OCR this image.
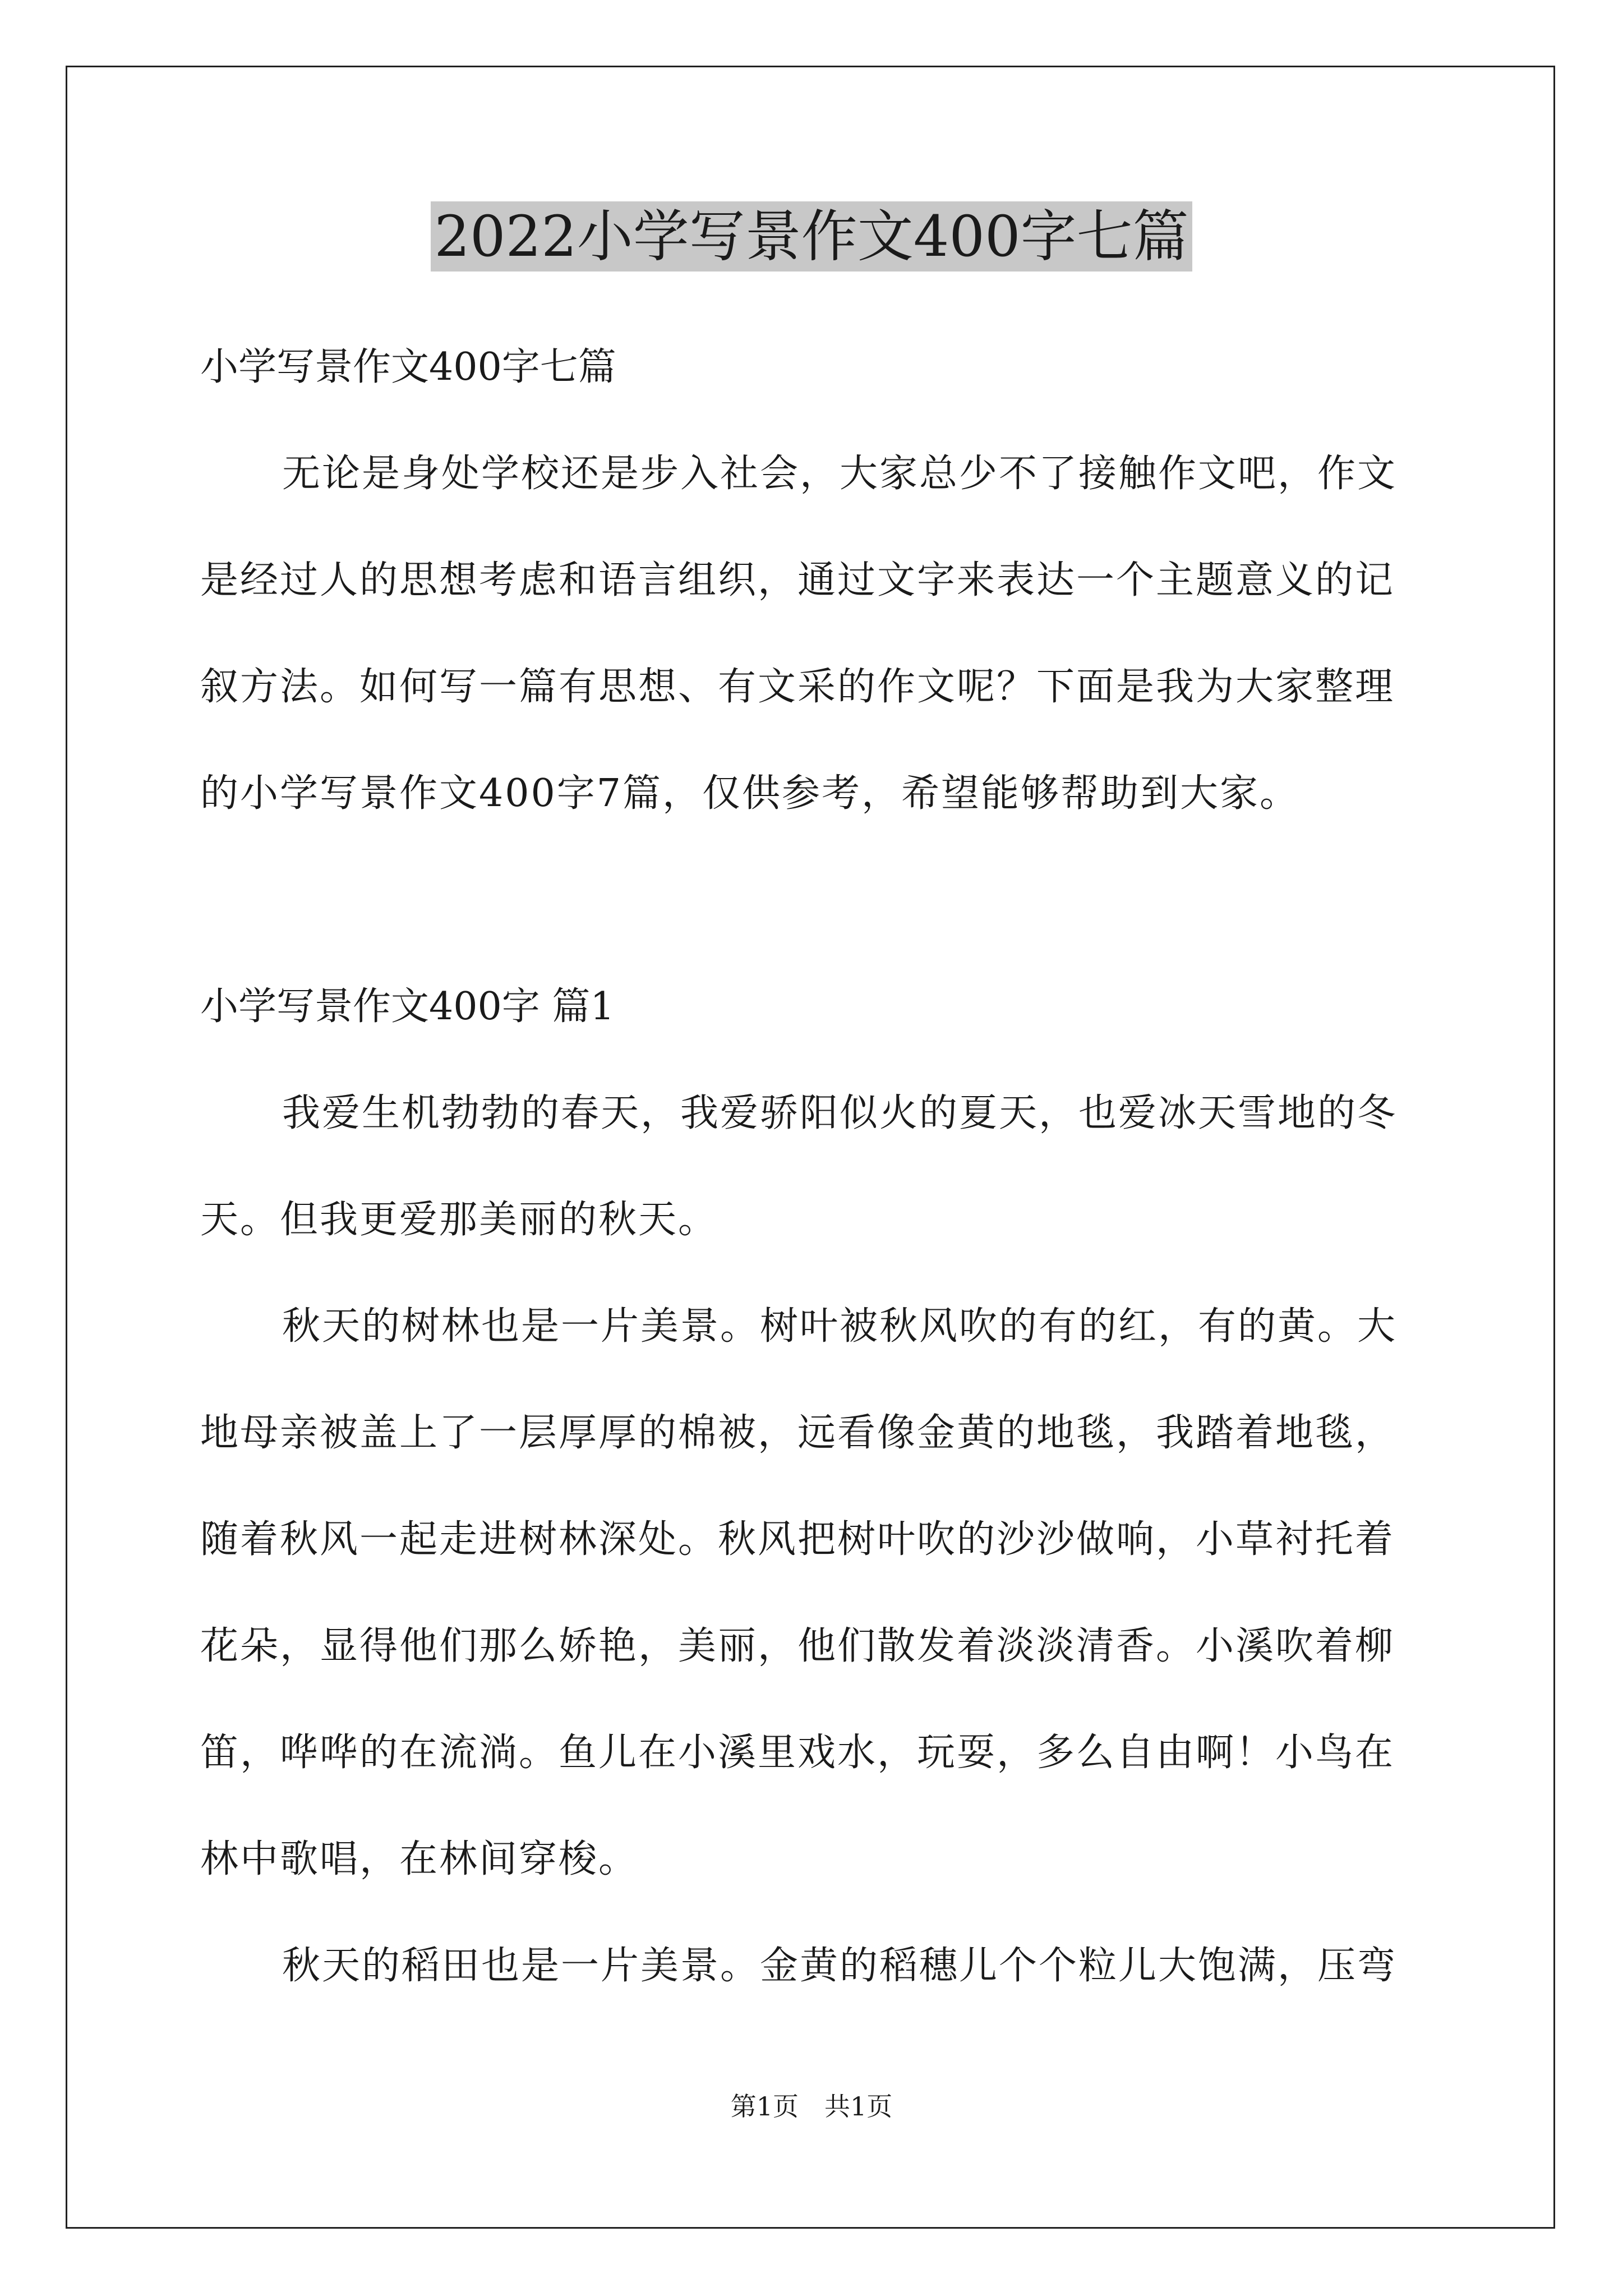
2022小学写景作文400字七篇

小学写景作文400字七篇

无论是身处学校还是步入社会，大家总少不了接触作文吧，作文是经过人的思想考虑和语言组织，通过文字来表达一个主题意义的记叙方法。如何写一篇有思想、有文采的作文呢？下面是我为大家整理的小学写景作文400字7篇，仅供参考，希望能够帮助到大家。

小学写景作文400字 篇1

我爱生机勃勃的春天，我爱骄阳似火的夏天，也爱冰天雪地的冬天。但我更爱那美丽的秋天。

秋天的树林也是一片美景。树叶被秋风吹的有的红，有的黄。大地母亲被盖上了一层厚厚的棉被，远看像金黄的地毯，我踏着地毯，随着秋风一起走进树林深处。秋风把树叶吹的沙沙做响，小草衬托着花朵，显得他们那么娇艳，美丽，他们散发着淡淡清香。小溪吹着柳笛，哗哗的在流淌。鱼儿在小溪里戏水，玩耍，多么自由啊！小鸟在林中歌唱，在林间穿梭。

秋天的稻田也是一片美景。金黄的稻穗儿个个粒儿大饱满，压弯

第1页　共1页
